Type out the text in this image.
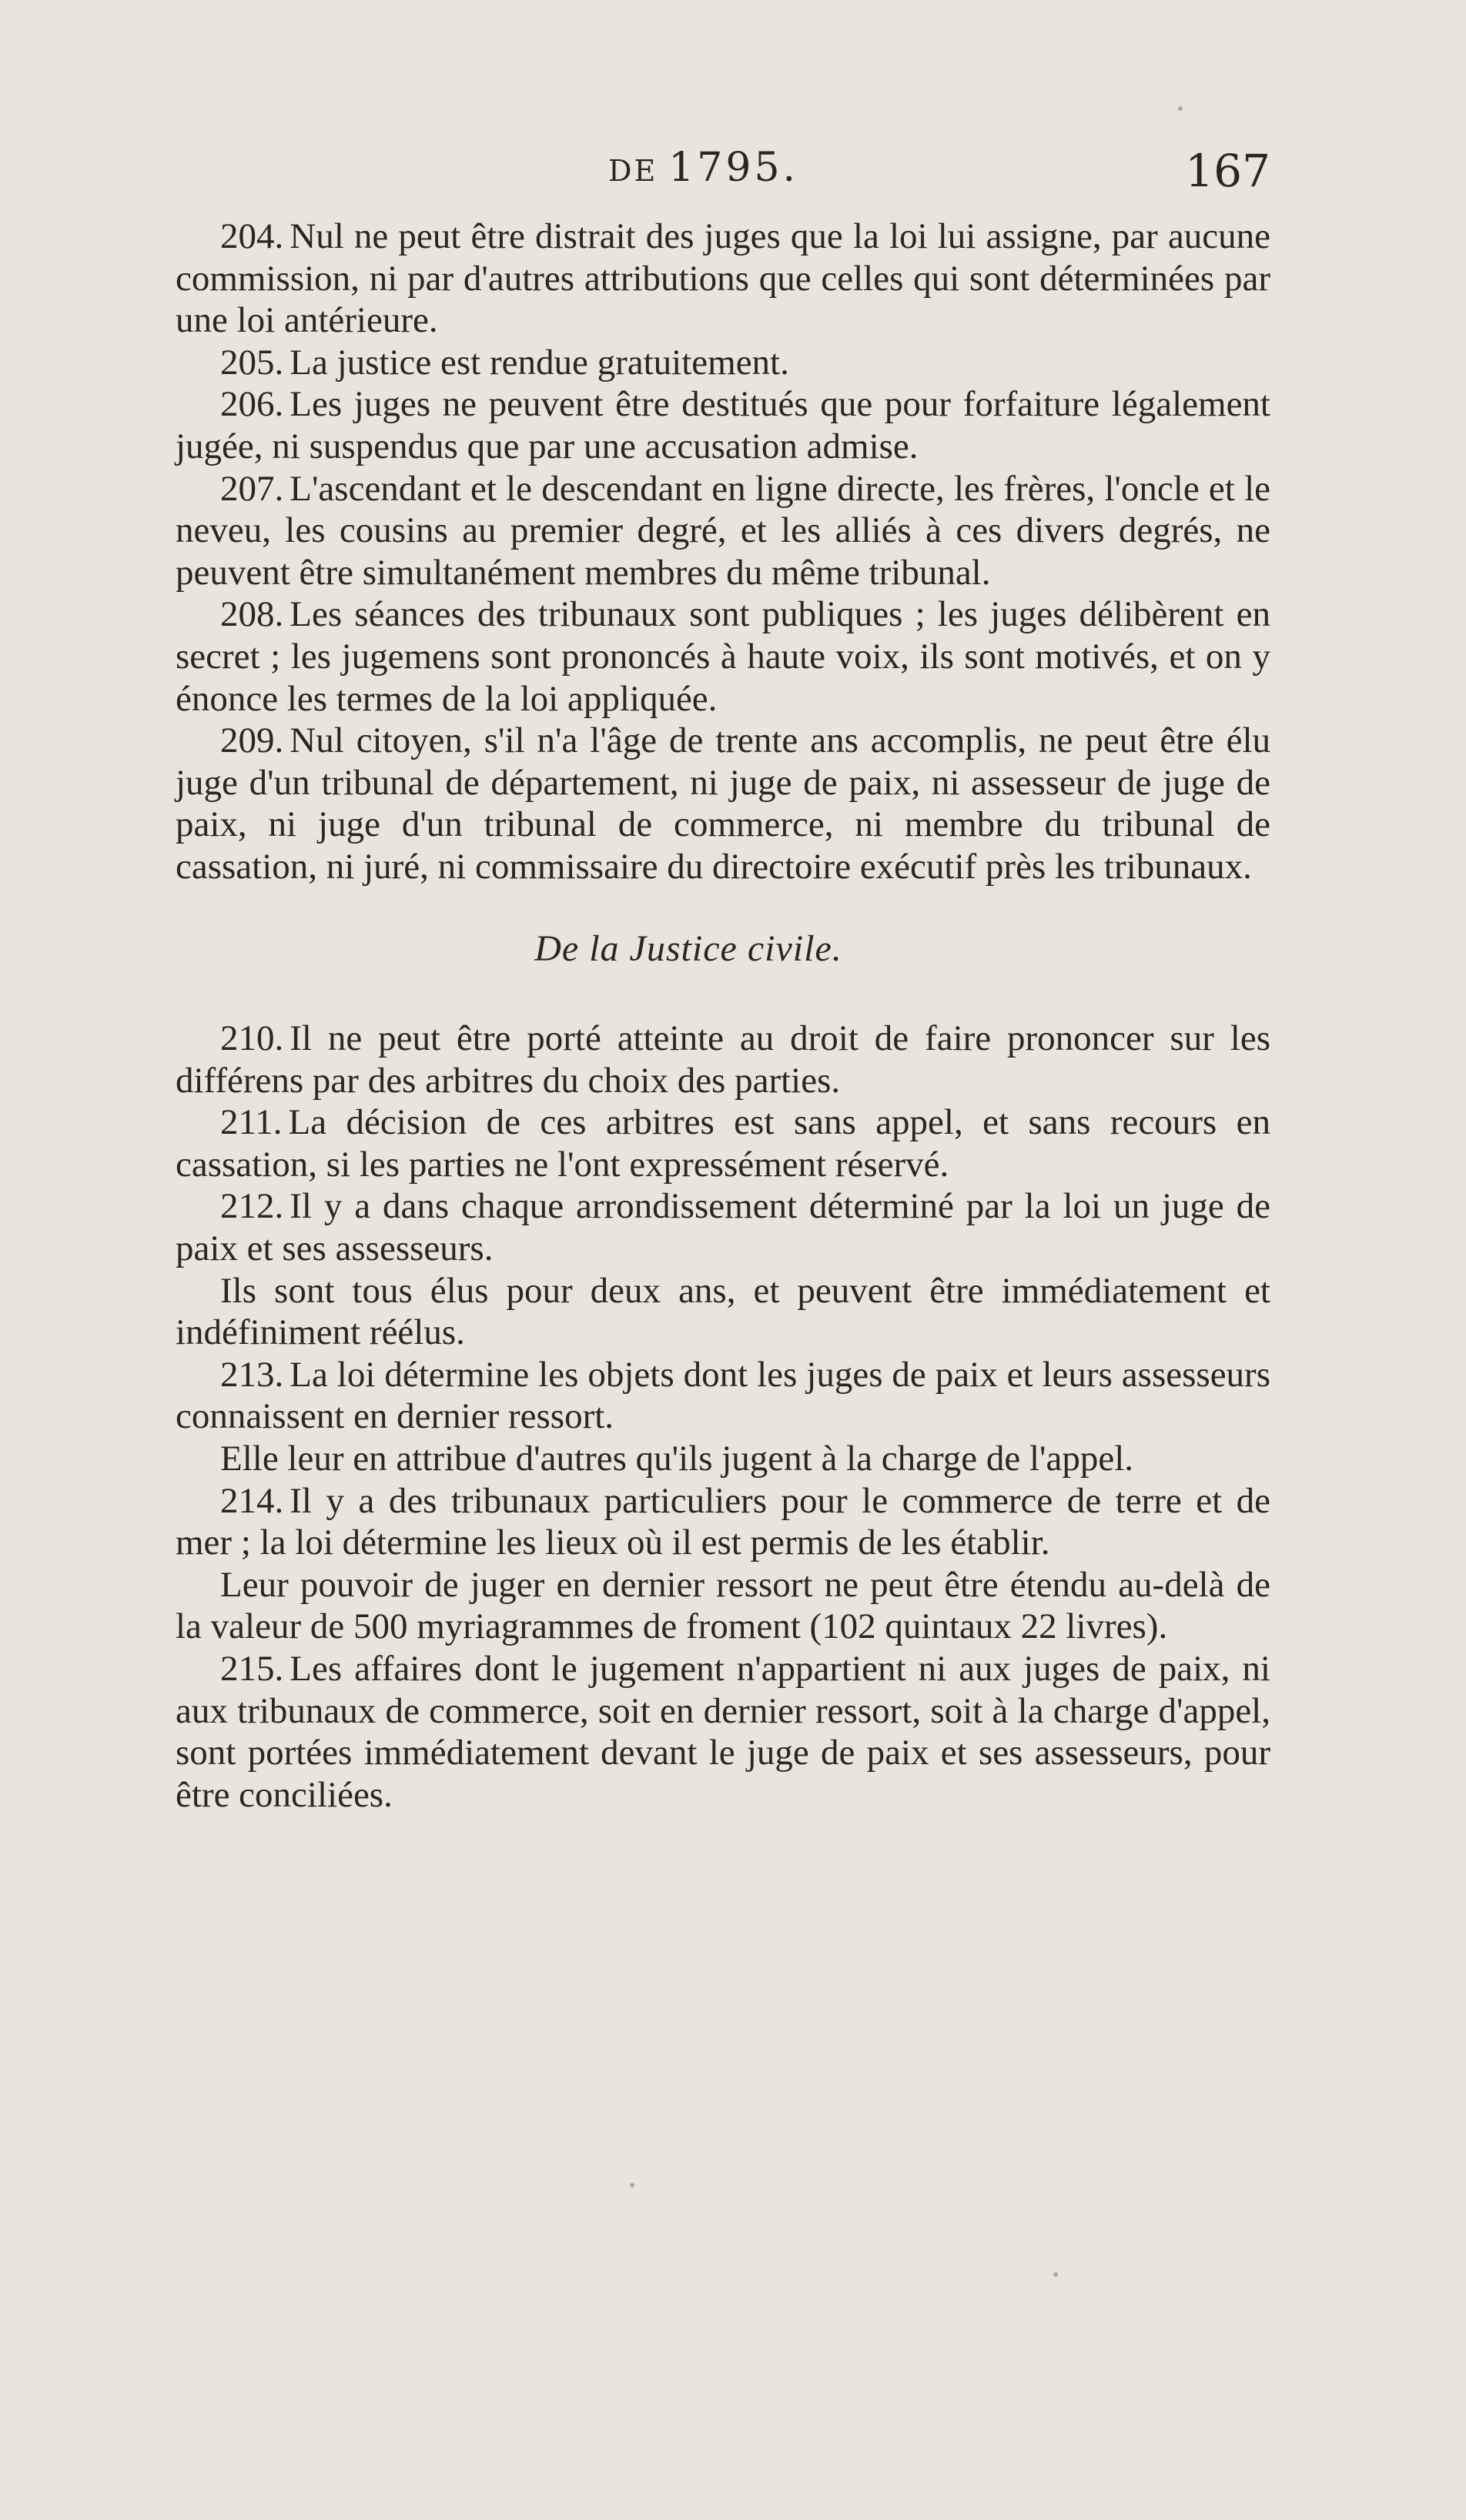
DE 1795.	167

204. Nul ne peut être distrait des juges que la loi lui assigne, par aucune commission, ni par d'autres attributions que celles qui sont déterminées par une loi antérieure.

205. La justice est rendue gratuitement.

206. Les juges ne peuvent être destitués que pour forfaiture légalement jugée, ni suspendus que par une accusation admise.

207. L'ascendant et le descendant en ligne directe, les frères, l'oncle et le neveu, les cousins au premier degré, et les alliés à ces divers degrés, ne peuvent être simultanément membres du même tribunal.

208. Les séances des tribunaux sont publiques ; les juges délibèrent en secret ; les jugemens sont prononcés à haute voix, ils sont motivés, et on y énonce les termes de la loi appliquée.

209. Nul citoyen, s'il n'a l'âge de trente ans accomplis, ne peut être élu juge d'un tribunal de département, ni juge de paix, ni assesseur de juge de paix, ni juge d'un tribunal de commerce, ni membre du tribunal de cassation, ni juré, ni commissaire du directoire exécutif près les tribunaux.

De la Justice civile.

210. Il ne peut être porté atteinte au droit de faire prononcer sur les différens par des arbitres du choix des parties.

211. La décision de ces arbitres est sans appel, et sans recours en cassation, si les parties ne l'ont expressément réservé.

212. Il y a dans chaque arrondissement déterminé par la loi un juge de paix et ses assesseurs.

Ils sont tous élus pour deux ans, et peuvent être immédiatement et indéfiniment réélus.

213. La loi détermine les objets dont les juges de paix et leurs assesseurs connaissent en dernier ressort.

Elle leur en attribue d'autres qu'ils jugent à la charge de l'appel.

214. Il y a des tribunaux particuliers pour le commerce de terre et de mer ; la loi détermine les lieux où il est permis de les établir.

Leur pouvoir de juger en dernier ressort ne peut être étendu au-delà de la valeur de 500 myriagrammes de froment (102 quintaux 22 livres).

215. Les affaires dont le jugement n'appartient ni aux juges de paix, ni aux tribunaux de commerce, soit en dernier ressort, soit à la charge d'appel, sont portées immédiatement devant le juge de paix et ses assesseurs, pour être conciliées.
